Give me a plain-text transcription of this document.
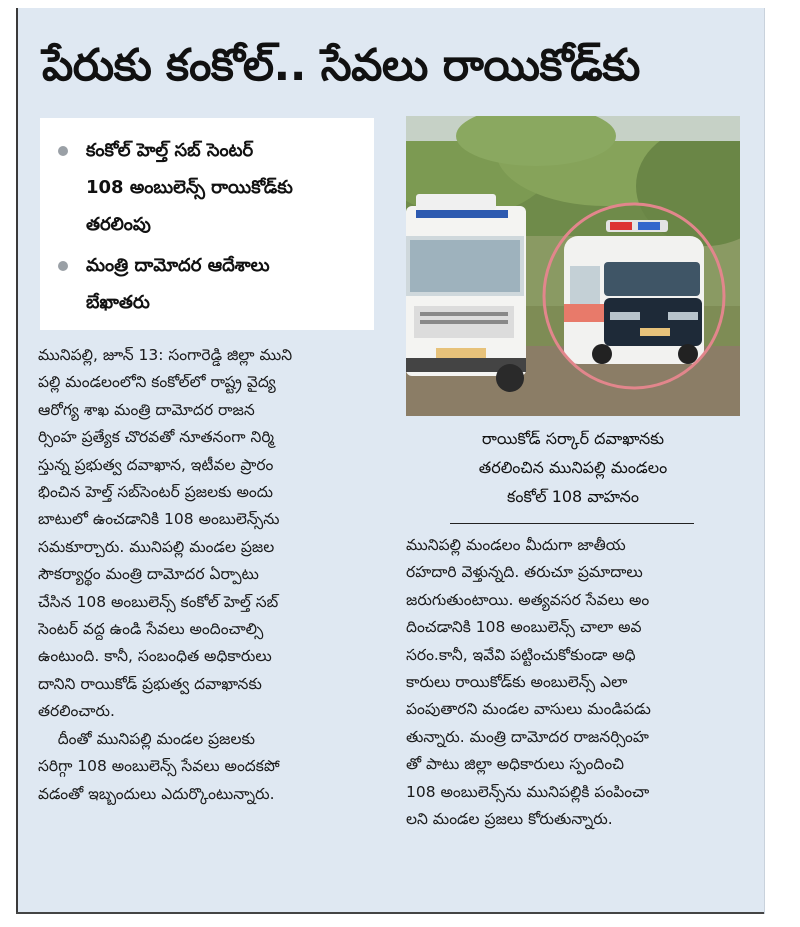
పేరుకు కంకోల్.. సేవలు రాయికోడ్‌కు
కంకోల్ హెల్త్ సబ్ సెంటర్
108 అంబులెన్స్ రాయికోడ్‌కు
తరలింపు
మంత్రి దామోదర ఆదేశాలు
బేఖాతరు
రాయికోడ్ సర్కార్ దవాఖానకు
తరలించిన మునిపల్లి మండలం
కంకోల్ 108 వాహనం
మునిపల్లి, జూన్ 13: సంగారెడ్డి జిల్లా ముని
పల్లి మండలంలోని కంకోల్‌లో రాష్ట్ర వైద్య
ఆరోగ్య శాఖ మంత్రి దామోదర రాజన
ర్సింహ ప్రత్యేక చొరవతో నూతనంగా నిర్మి
స్తున్న ప్రభుత్వ దవాఖాన, ఇటీవల ప్రారం
భించిన హెల్త్ సబ్‌సెంటర్ ప్రజలకు అందు
బాటులో ఉంచడానికి 108 అంబులెన్స్‌ను
సమకూర్చారు. మునిపల్లి మండల ప్రజల
సౌకర్యార్థం మంత్రి దామోదర ఏర్పాటు
చేసిన 108 అంబులెన్స్ కంకోల్ హెల్త్ సబ్
సెంటర్ వద్ద ఉండి సేవలు అందించాల్సి
ఉంటుంది. కానీ, సంబంధిత అధికారులు
దానిని రాయికోడ్ ప్రభుత్వ దవాఖానకు
తరలించారు.
దీంతో మునిపల్లి మండల ప్రజలకు
సరిగ్గా 108 అంబులెన్స్ సేవలు అందకపో
వడంతో ఇబ్బందులు ఎదుర్కొంటున్నారు.
మునిపల్లి మండలం మీదుగా జాతీయ
రహదారి వెళ్తున్నది. తరుచూ ప్రమాదాలు
జరుగుతుంటాయి. అత్యవసర సేవలు అం
దించడానికి 108 అంబులెన్స్ చాలా అవ
సరం.కానీ, ఇవేవి పట్టించుకోకుండా అధి
కారులు రాయికోడ్‌కు అంబులెన్స్ ఎలా
పంపుతారని మండల వాసులు మండిపడు
తున్నారు. మంత్రి దామోదర రాజనర్సింహ
తో పాటు జిల్లా అధికారులు స్పందించి
108 అంబులెన్స్‌ను మునిపల్లికి పంపించా
లని మండల ప్రజలు కోరుతున్నారు.
